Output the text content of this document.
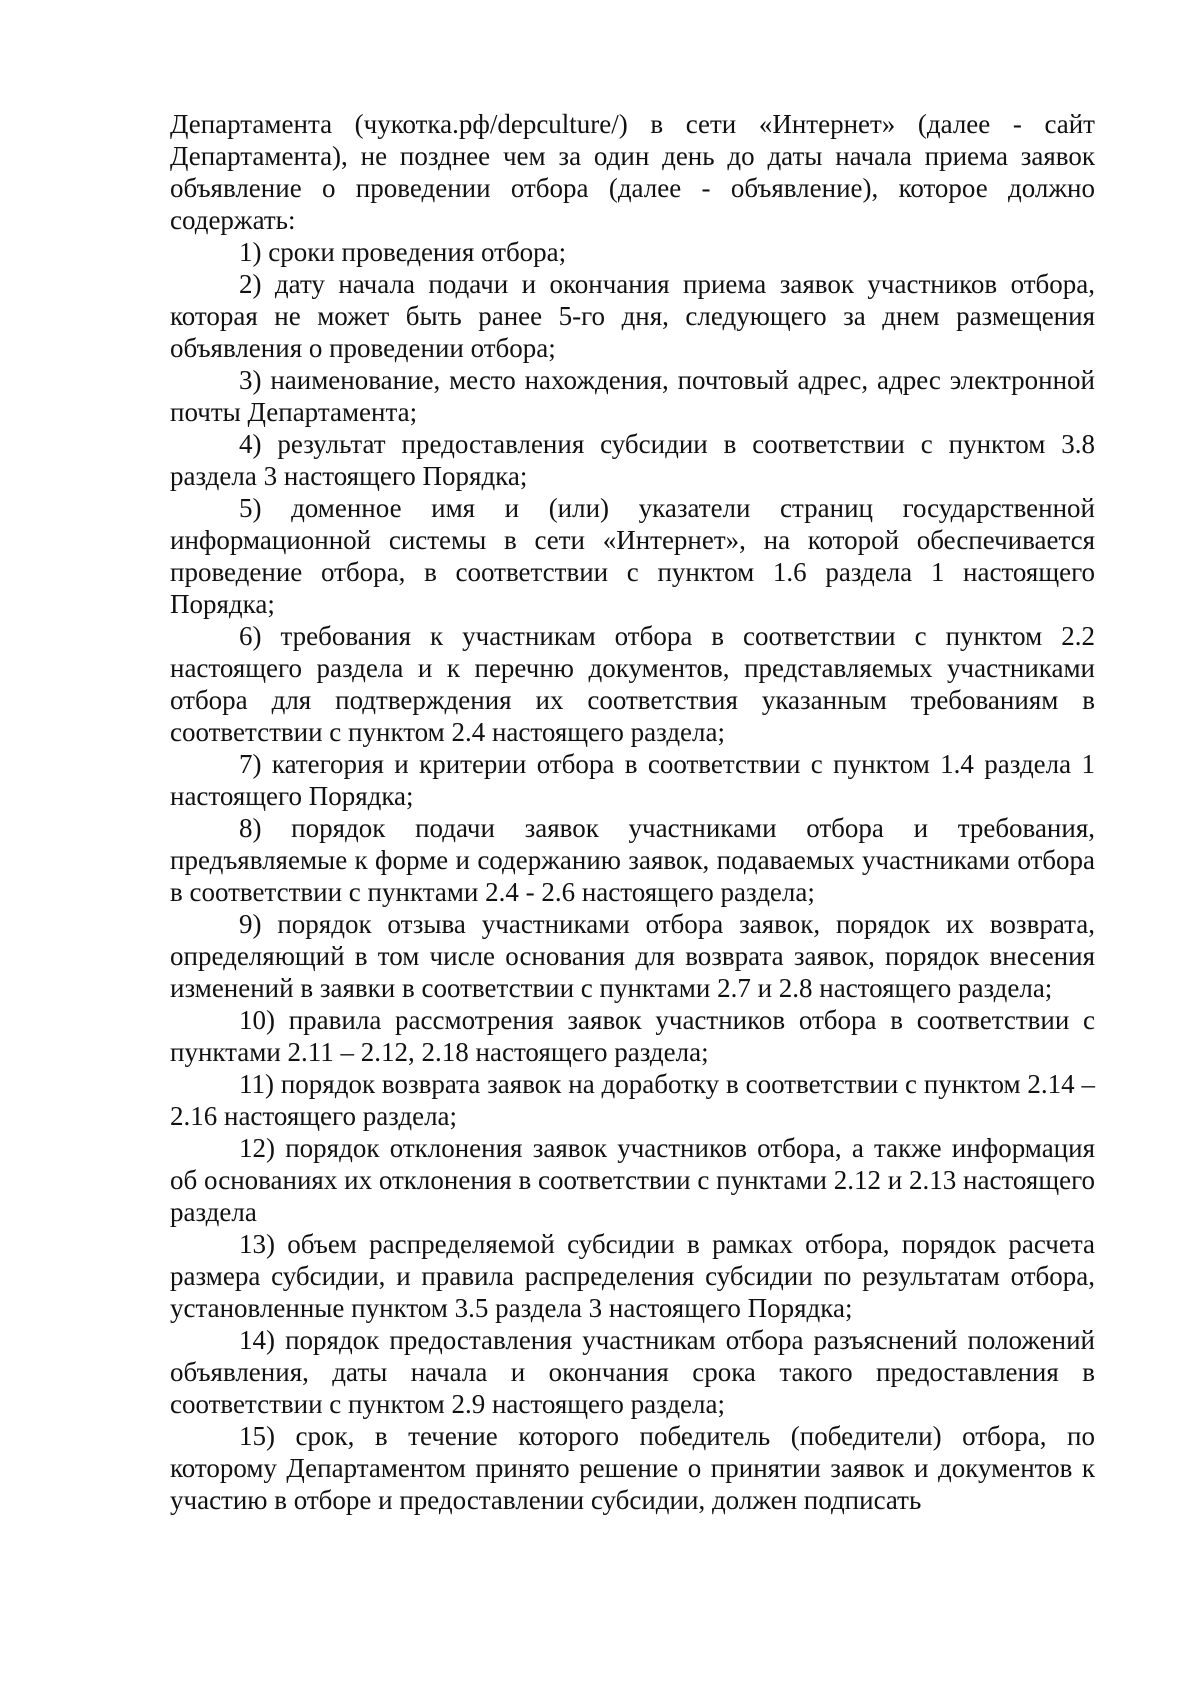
Департамента (чукотка.рф/depculture/) в сети «Интернет» (далее - сайт Департамента), не позднее чем за один день до даты начала приема заявок объявление о проведении отбора (далее - объявление), которое должно содержать:

1) сроки проведения отбора;

2) дату начала подачи и окончания приема заявок участников отбора, которая не может быть ранее 5-го дня, следующего за днем размещения объявления о проведении отбора;

3) наименование, место нахождения, почтовый адрес, адрес электронной почты Департамента;

4) результат предоставления субсидии в соответствии с пунктом 3.8 раздела 3 настоящего Порядка;

5) доменное имя и (или) указатели страниц государственной информационной системы в сети «Интернет», на которой обеспечивается проведение отбора, в соответствии с пунктом 1.6 раздела 1 настоящего Порядка;

6) требования к участникам отбора в соответствии с пунктом 2.2 настоящего раздела и к перечню документов, представляемых участниками отбора для подтверждения их соответствия указанным требованиям в соответствии с пунктом 2.4 настоящего раздела;

7) категория и критерии отбора в соответствии с пунктом 1.4 раздела 1 настоящего Порядка;

8) порядок подачи заявок участниками отбора и требования, предъявляемые к форме и содержанию заявок, подаваемых участниками отбора в соответствии с пунктами 2.4 - 2.6 настоящего раздела;

9) порядок отзыва участниками отбора заявок, порядок их возврата, определяющий в том числе основания для возврата заявок, порядок внесения изменений в заявки в соответствии с пунктами 2.7 и 2.8 настоящего раздела;

10) правила рассмотрения заявок участников отбора в соответствии с пунктами 2.11 – 2.12, 2.18 настоящего раздела;

11) порядок возврата заявок на доработку в соответствии с пунктом 2.14 – 2.16 настоящего раздела;

12) порядок отклонения заявок участников отбора, а также информация об основаниях их отклонения в соответствии с пунктами 2.12 и 2.13 настоящего раздела

13) объем распределяемой субсидии в рамках отбора, порядок расчета размера субсидии, и правила распределения субсидии по результатам отбора, установленные пунктом 3.5 раздела 3 настоящего Порядка;

14) порядок предоставления участникам отбора разъяснений положений объявления, даты начала и окончания срока такого предоставления в соответствии с пунктом 2.9 настоящего раздела;

15) срок, в течение которого победитель (победители) отбора, по которому Департаментом принято решение о принятии заявок и документов к участию в отборе и предоставлении субсидии, должен подписать
